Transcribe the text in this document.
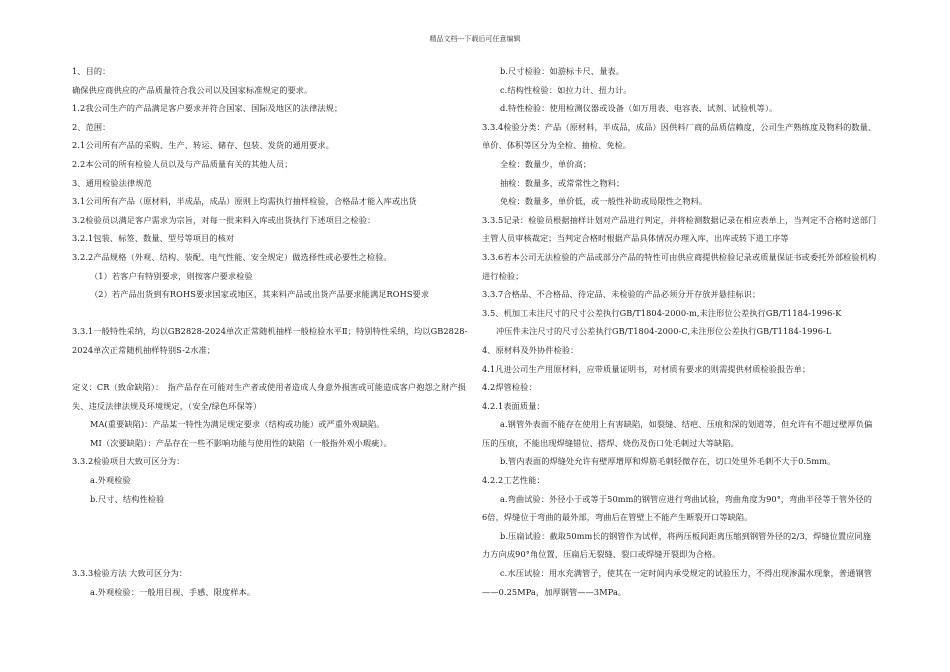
精品文档---下载后可任意编辑
1、目的：
确保供应商供应的产品质量符合我公司以及国家标准规定的要求。
1.2我公司生产的产品满足客户要求并符合国家、国际及地区的法律法规；
2、范围：
2.1公司所有产品的采购、生产、转运、储存、包装、发货的通用要求。
2.2本公司的所有检验人员以及与产品质量有关的其他人员；
3、通用检验法律规范
3.1公司所有产品（原材料，半成品，成品）原则上均需执行抽样检验，合格品才能入库或出货
3.2检验员以满足客户需求为宗旨，对每一批来料入库或出货执行下述项目之检验：
3.2.1包装、标签、数量、型号等项目的核对
3.2.2产品规格（外观、结构、装配、电气性能、安全规定）做选择性或必要性之检验。
（1）若客户有特别要求，则按客户要求检验
（2）若产品出货到有ROHS要求国家或地区，其来料产品或出货产品要求能满足ROHS要求
3.3.1一般特性采纳，均以GB2828-2024单次正常随机抽样一般检验水平Ⅱ；特别特性采纳，均以GB2828-2024单次正常随机抽样特别S-2水准；
定义：CR（致命缺陷）：　指产品存在可能对生产者或使用者造成人身意外损害或可能造成客户抱怨之财产损失、违反法律法规及环境规定，（安全/绿色环保等）
MA(重要缺陷)：产品某一特性为满足规定要求（结构或功能）或严重外观缺陷。
MI（次要缺陷）：产品存在一些不影响功能与使用性的缺陷（一般指外观小瑕疵）。
3.3.2检验项目大致可区分为：
a.外观检验
b.尺寸、结构性检验
3.3.3检验方法 大致可区分为：
a.外观检验：一般用目视、手感、限度样本。
b.尺寸检验：如游标卡尺、量表。
c.结构性检验：如拉力计、扭力计。
d.特性检验：使用检测仪器或设备（如万用表、电容表、试剂、试验机等）。
3.3.4检验分类：产品（原材料，半成品，成品）因供料厂商的品质信赖度，公司生产熟练度及物料的数量、单价、体积等区分为全检、抽检、免检。
全检：数量少，单价高；
抽检：数量多，或常常性之物料；
免检：数量多，单价低，或一般性补助或局限性之物料。
3.3.5记录：检验员根据抽样计划对产品进行判定，并将检测数据记录在相应表单上，当判定不合格时送部门主管人员审核裁定；当判定合格时根据产品具体情况办理入库，出库或转下道工序等
3.3.6若本公司无法检验的产品或部分产品的特性可由供应商提供检验记录或质量保证书或委托外部检验机构进行检验；
3.3.7合格品、不合格品、待定品、未检验的产品必须分开存放并悬挂标识；
3.5、机加工未注尺寸的尺寸公差执行GB/T1804-2000-m,未注形位公差执行GB/T1184-1996-K
冲压件未注尺寸的尺寸公差执行GB/T1804-2000-C,未注形位公差执行GB/T1184-1996-L
4、原材料及外协件检验：
4.1凡进公司生产用原材料，应带质量证明书，对材质有要求的则需提供材质检验报告单；
4.2焊管检验：
4.2.1表面质量：
a.钢管外表面不能存在使用上有害缺陷，如裂缝、结疤、压痕和深的划道等，但允许有不超过壁厚负偏压的压痕，不能出现焊缝错位、搭焊、烧伤及伤口处毛刺过大等缺陷。
b.管内表面的焊缝处允许有壁厚增厚和焊筋毛刺轻微存在，切口处里外毛刺不大于0.5mm。
4.2.2工艺性能：
a.弯曲试验：外径小于或等于50mm的钢管应进行弯曲试验，弯曲角度为90°，弯曲半径等于管外径的6倍，焊缝位于弯曲的最外部，弯曲后在管壁上不能产生断裂开口等缺陷。
b.压扁试验：截取50mm长的钢管作为试样，将两压板间距离压缩到钢管外径的2/3，焊缝位置应同施力方向成90°角位置，压扁后无裂缝、裂口或焊缝开裂即为合格。
c.水压试验：用水充满管子，使其在一定时间内承受规定的试验压力，不得出现渗漏水现象，普通钢管——0.25MPa，加厚钢管——3MPa。
